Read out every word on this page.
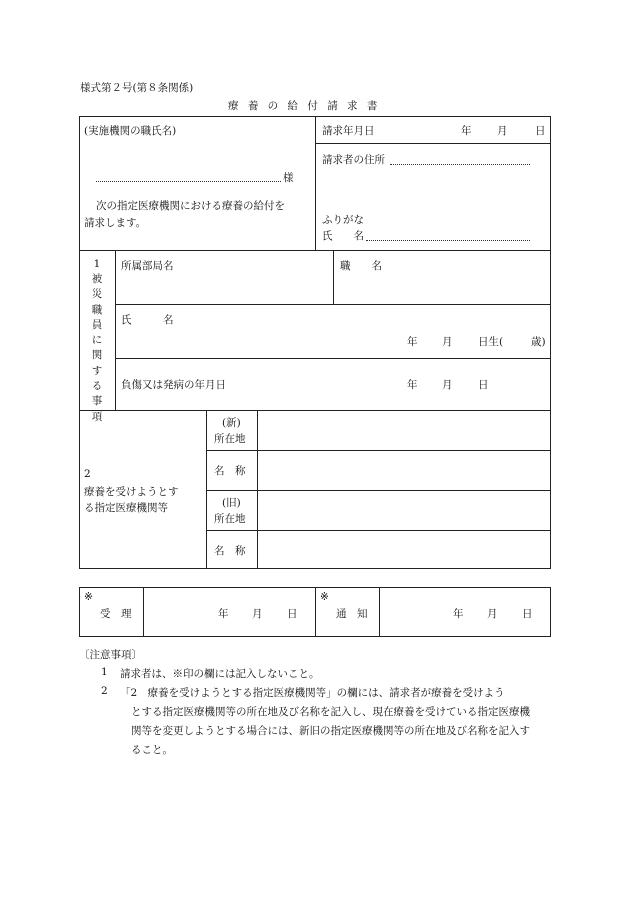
様式第２号(第８条関係)
療 養 の 給 付 請 求 書
(実施機関の職氏名)
様
次の指定医療機関における療養の給付を
請求します。
請求年月日	年 月	日
請求者の住所
ふりがな
氏　　名
1
被災職員に関する事項
所属部局名	職　　名
氏　　　名
年 月 日生(	歳)
負傷又は発病の年月日	年 月 日
2
療養を受けようとす
る指定医療機関等
(新)
所在地
名　称
(旧)
所在地
名　称
※
受　理	年 月 日
※
通　知	年 月 日
〔注意事項〕
1 請求者は、※印の欄には記入しないこと。
2 「2　療養を受けようとする指定医療機関等」の欄には、請求者が療養を受けよう
とする指定医療機関等の所在地及び名称を記入し、現在療養を受けている指定医療機
関等を変更しようとする場合には、新旧の指定医療機関等の所在地及び名称を記入す
ること。
